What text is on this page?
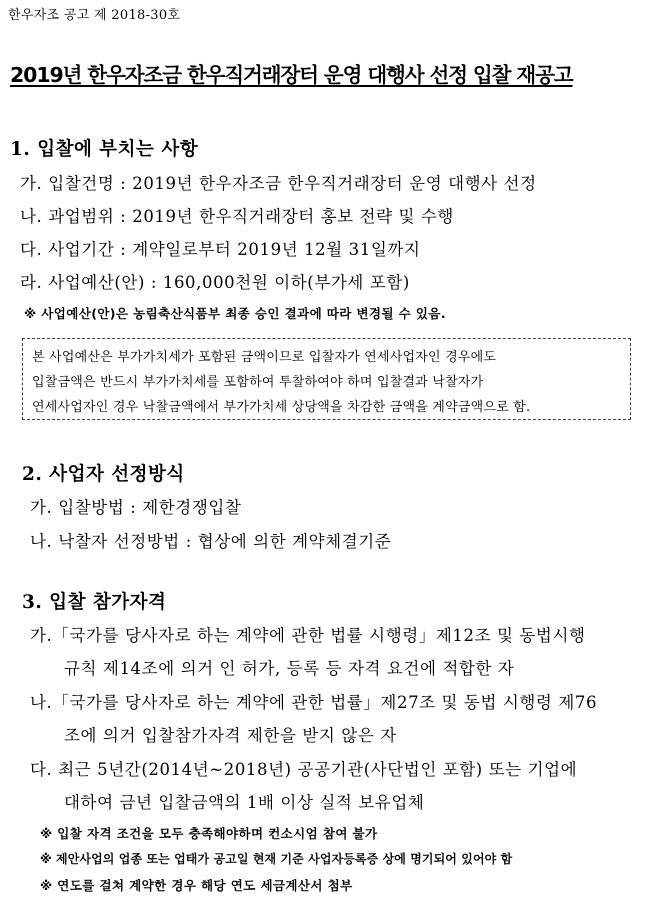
한우자조 공고 제 2018-30호
2019년 한우자조금 한우직거래장터 운영 대행사 선정 입찰 재공고
1. 입찰에 부치는 사항
가. 입찰건명 : 2019년 한우자조금 한우직거래장터 운영 대행사 선정
나. 과업범위 : 2019년 한우직거래장터 홍보 전략 및 수행
다. 사업기간 : 계약일로부터 2019년 12월 31일까지
라. 사업예산(안) : 160,000천원 이하(부가세 포함)
※ 사업예산(안)은 농림축산식품부 최종 승인 결과에 따라 변경될 수 있음.
본 사업예산은 부가가치세가 포함된 금액이므로 입찰자가 연세사업자인 경우에도
입찰금액은 반드시 부가가치세를 포함하여 투찰하여야 하며 입찰결과 낙찰자가
연세사업자인 경우 낙찰금액에서 부가가치세 상당액을 차감한 금액을 계약금액으로 함.
2. 사업자 선정방식
가. 입찰방법 : 제한경쟁입찰
나. 낙찰자 선정방법 : 협상에 의한 계약체결기준
3. 입찰 참가자격
가.「국가를 당사자로 하는 계약에 관한 법률 시행령」제12조 및 동법시행
규칙 제14조에 의거 인 허가, 등록 등 자격 요건에 적합한 자
나.「국가를 당사자로 하는 계약에 관한 법률」제27조 및 동법 시행령 제76
조에 의거 입찰참가자격 제한을 받지 않은 자
다. 최근 5년간(2014년~2018년) 공공기관(사단법인 포함) 또는 기업에
대하여 금년 입찰금액의 1배 이상 실적 보유업체
※ 입찰 자격 조건을 모두 충족해야하며 컨소시엄 참여 불가
※ 제안사업의 업종 또는 업태가 공고일 현재 기준 사업자등록증 상에 명기되어 있어야 함
※ 연도를 걸쳐 계약한 경우 해당 연도 세금계산서 첨부
